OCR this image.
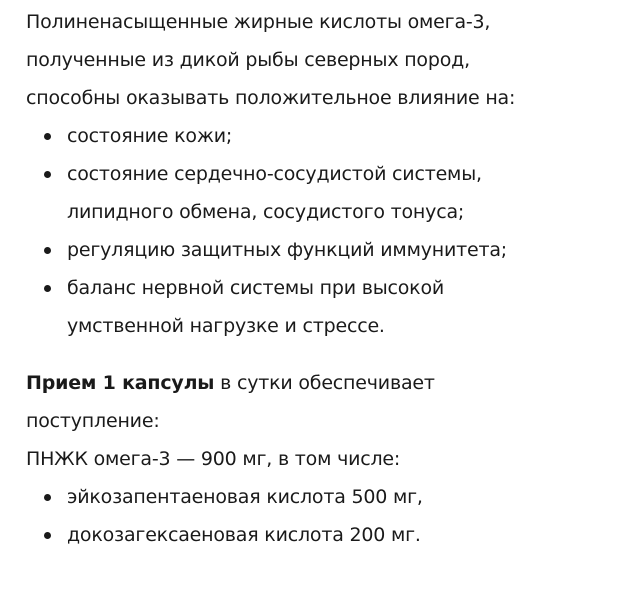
Полиненасыщенные жирные кислоты омега-3,
полученные из дикой рыбы северных пород,
способны оказывать положительное влияние на:
состояние кожи;
состояние сердечно-сосудистой системы,
липидного обмена, сосудистого тонуса;
регуляцию защитных функций иммунитета;
баланс нервной системы при высокой
умственной нагрузке и стрессе.
Прием 1 капсулы в сутки обеспечивает
поступление:
ПНЖК омега-3 — 900 мг, в том числе:
эйкозапентаеновая кислота 500 мг,
докозагексаеновая кислота 200 мг.
